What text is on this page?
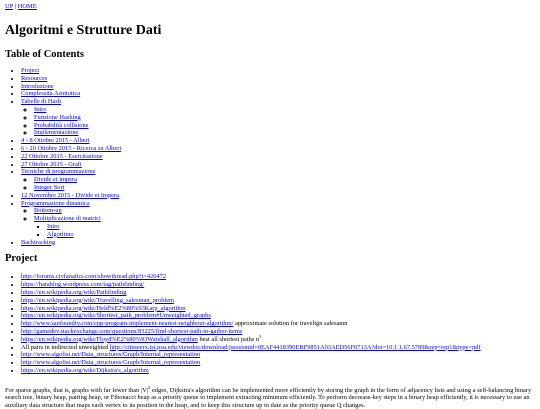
UP | HOME
Algoritmi e Strutture Dati
Table of Contents
• Project
• Resources
• Introduzione
• Complessità Asintotica
• Tabelle di Hash
◦ Intro
◦ Funzione Hashing
◦ Probabilità collisione
◦ Implementazione
• 4 - 8 Ottobre 2015 - Alberi
• 6 - 20 Ottobre 2015 - Ricerca su Alberi
• 22 Ottobre 2015 - Esercitazione
• 27 Ottobre 2015 - Grafi
• Tecniche di programmazione
◦ Divide et impera
◦ Integer Sort
• 12 Novembre 2015 - Divide et Impera
• Programmazione dinamica
◦ Bottom-up
◦ Moltiplicazione di matrici
▪ Intro
▪ Algoritmo
• Backtracking
Project
• http://forums.civfanatics.com/showthread.php?t=426472
• https://harablog.wordpress.com/tag/pathfinding/
• https://en.wikipedia.org/wiki/Pathfinding
• https://en.wikipedia.org/wiki/Travelling_salesman_problem
• https://en.wikipedia.org/wiki/Held%E2%80%93Karp_algorithm
• https://en.wikipedia.org/wiki/Shortest_path_problem#Unweighted_graphs
• http://www.sanfoundry.com/cpp-program-implement-nearest-neighbour-algorithm/ approximate solution for travelign salesamn
• http://gamedev.stackexchange.com/questions/83225/find-shortest-path-to-gather-items
• https://en.wikipedia.org/wiki/Floyd%E2%80%93Warshall_algorithm best all shortest paths $n^3$
• All pairs in indirected unweighted http://citeseerx.ist.psu.edu/viewdoc/download;jsessionid=0EAF4418390EBF9851A03AED56F0713A?doi=10.1.1.67.5789&rep=rep1&type=pdf
• http://www.algolist.net/Data_structures/Graph/Internal_representation
• http://www.algolist.net/Data_structures/Graph/Internal_representation
• https://en.wikipedia.org/wiki/Dijkstra's_algorithm

For sparse graphs, that is, graphs with far fewer than $|V|^2$ edges, Dijkstra's algorithm can be implemented more efficiently by storing the graph in the form of adjacency lists and using a self-balancing binary search tree, binary heap, pairing heap, or Fibonacci heap as a priority queue to implement extracting minimum efficiently. To perform decrease-key steps in a binary heap efficiently, it is necessary to use an auxiliary data structure that maps each vertex to its position in the heap, and to keep this structure up to date as the priority queue Q changes.
